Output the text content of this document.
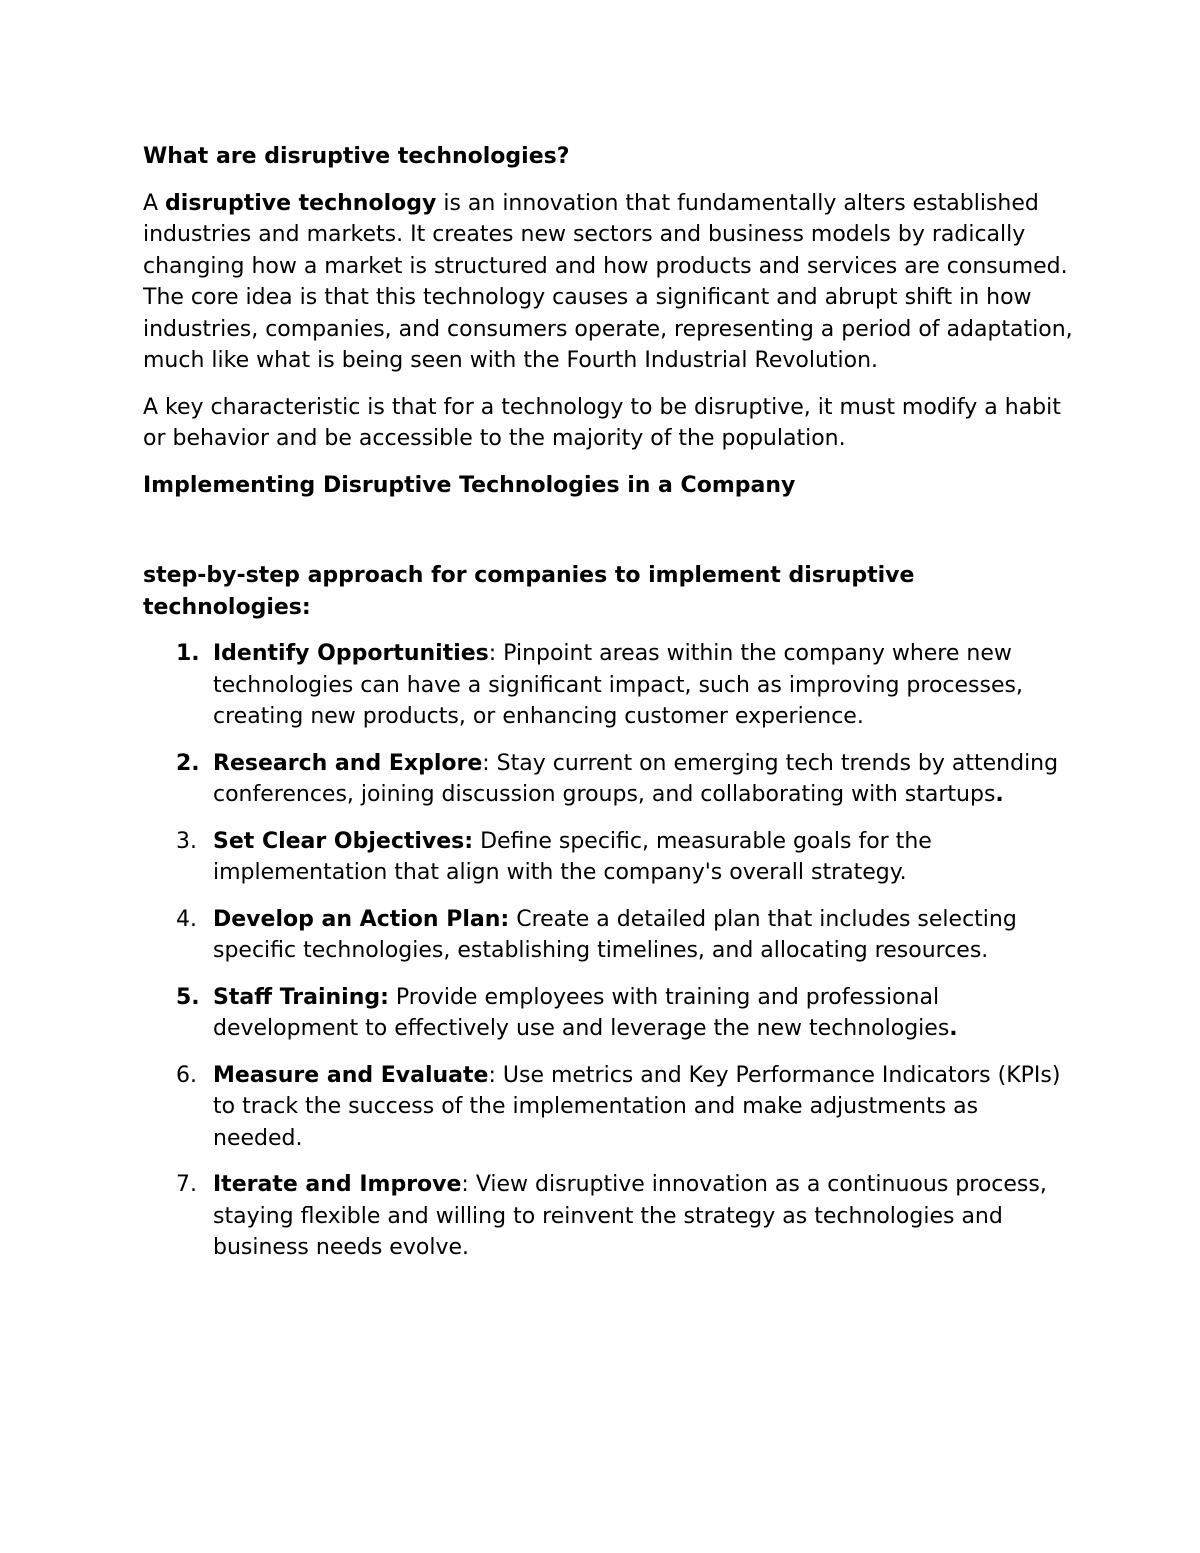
What are disruptive technologies?

A disruptive technology is an innovation that fundamentally alters established industries and markets. It creates new sectors and business models by radically changing how a market is structured and how products and services are consumed. The core idea is that this technology causes a significant and abrupt shift in how industries, companies, and consumers operate, representing a period of adaptation, much like what is being seen with the Fourth Industrial Revolution.

A key characteristic is that for a technology to be disruptive, it must modify a habit or behavior and be accessible to the majority of the population.

Implementing Disruptive Technologies in a Company
step-by-step approach for companies to implement disruptive technologies:
1. Identify Opportunities: Pinpoint areas within the company where new technologies can have a significant impact, such as improving processes, creating new products, or enhancing customer experience.
2. Research and Explore: Stay current on emerging tech trends by attending conferences, joining discussion groups, and collaborating with startups.
3. Set Clear Objectives: Define specific, measurable goals for the implementation that align with the company's overall strategy.
4. Develop an Action Plan: Create a detailed plan that includes selecting specific technologies, establishing timelines, and allocating resources.
5. Staff Training: Provide employees with training and professional development to effectively use and leverage the new technologies.
6. Measure and Evaluate: Use metrics and Key Performance Indicators (KPIs) to track the success of the implementation and make adjustments as needed.
7. Iterate and Improve: View disruptive innovation as a continuous process, staying flexible and willing to reinvent the strategy as technologies and business needs evolve.
